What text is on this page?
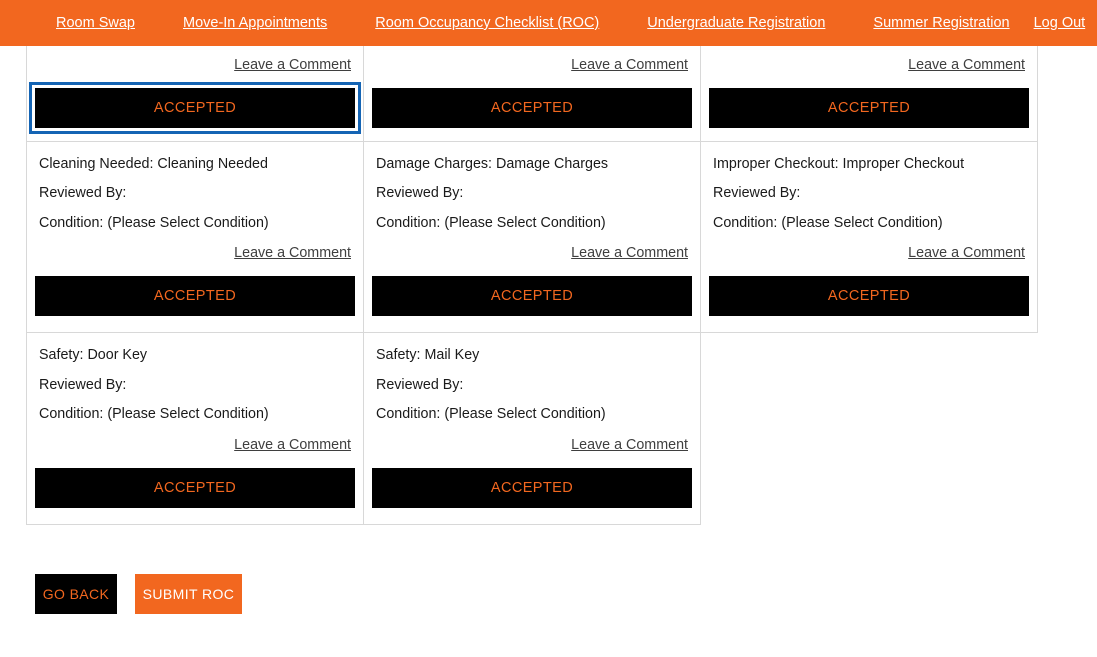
Room Swap	Move-In Appointments	Room Occupancy Checklist (ROC)	Undergraduate Registration	Summer Registration	Log Out
Leave a Comment
ACCEPTED
Leave a Comment
ACCEPTED
Leave a Comment
ACCEPTED
Cleaning Needed: Cleaning Needed
Reviewed By:
Condition: (Please Select Condition)
Leave a Comment
ACCEPTED
Damage Charges: Damage Charges
Reviewed By:
Condition: (Please Select Condition)
Leave a Comment
ACCEPTED
Improper Checkout: Improper Checkout
Reviewed By:
Condition: (Please Select Condition)
Leave a Comment
ACCEPTED
Safety: Door Key
Reviewed By:
Condition: (Please Select Condition)
Leave a Comment
ACCEPTED
Safety: Mail Key
Reviewed By:
Condition: (Please Select Condition)
Leave a Comment
ACCEPTED
GO BACK	SUBMIT ROC
